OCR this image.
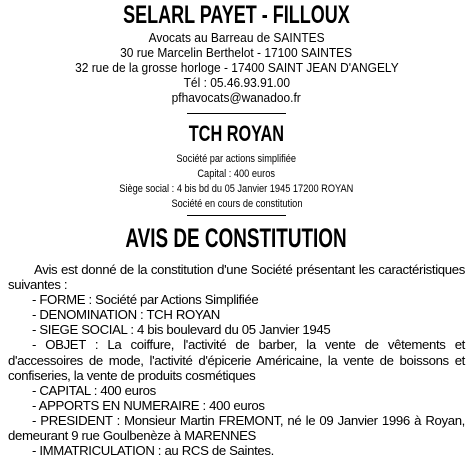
SELARL PAYET - FILLOUX
Avocats au Barreau de SAINTES
30 rue Marcelin Berthelot - 17100 SAINTES
32 rue de la grosse horloge - 17400 SAINT JEAN D'ANGELY
Tél : 05.46.93.91.00
pfhavocats@wanadoo.fr
TCH ROYAN
Société par actions simplifiée
Capital : 400 euros
Siège social : 4 bis bd du 05 Janvier 1945 17200 ROYAN
Société en cours de constitution
AVIS DE CONSTITUTION

Avis est donné de la constitution d'une Société présentant les caractéristiques suivantes :

- FORME : Société par Actions Simplifiée

- DENOMINATION : TCH ROYAN

- SIEGE SOCIAL : 4 bis boulevard du 05 Janvier 1945

- OBJET : La coiffure, l'activité de barber, la vente de vêtements et d'accessoires de mode, l'activité d'épicerie Américaine, la vente de boissons et confiseries, la vente de produits cosmétiques

- CAPITAL : 400 euros

- APPORTS EN NUMERAIRE : 400 euros

- PRESIDENT : Monsieur Martin FREMONT, né le 09 Janvier 1996 à Royan, demeurant 9 rue Goulbenèze à MARENNES

- IMMATRICULATION : au RCS de Saintes.
